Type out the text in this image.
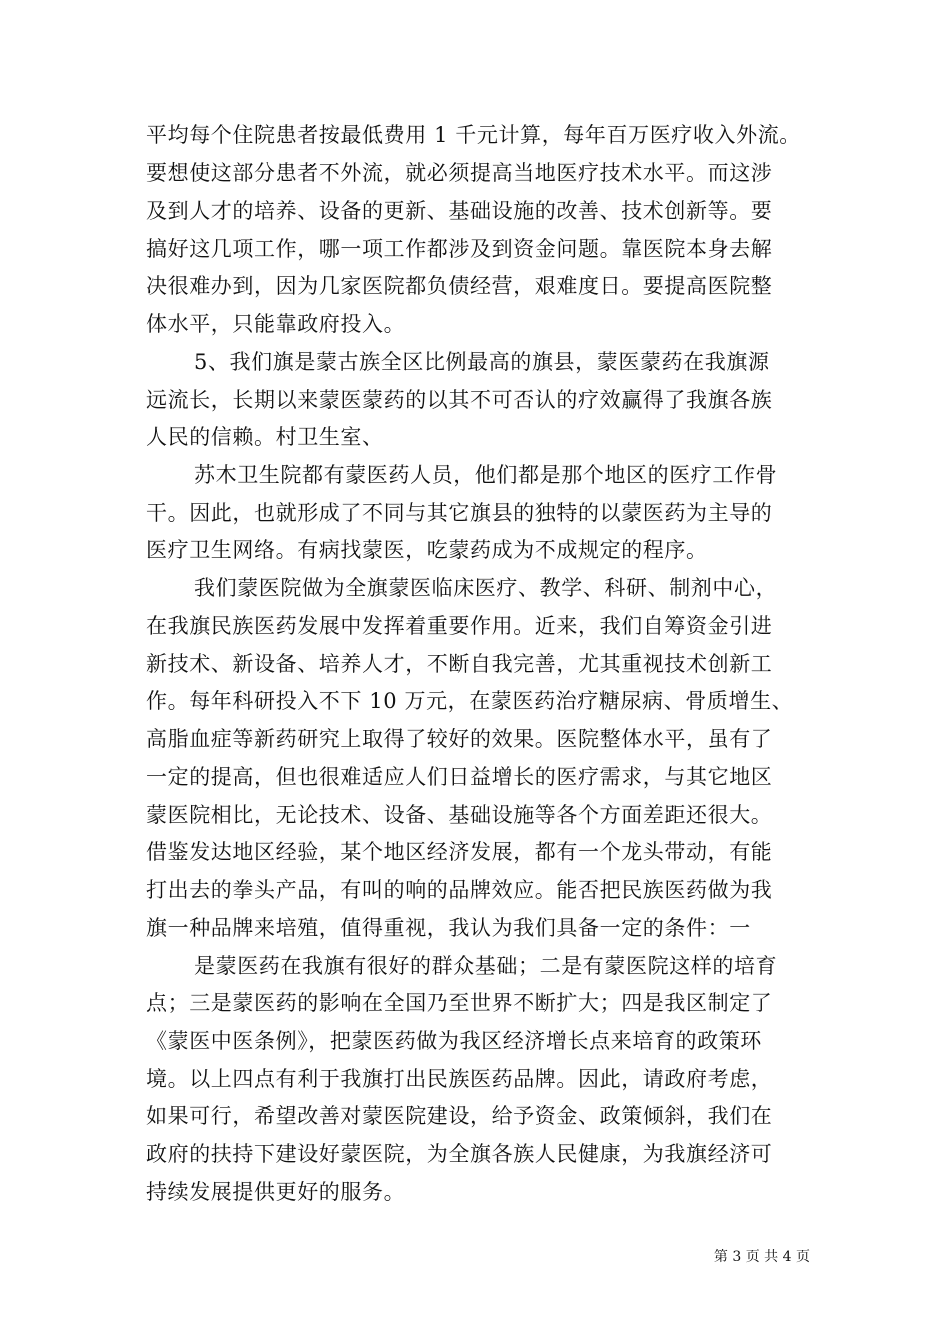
平均每个住院患者按最低费用 1 千元计算，每年百万医疗收入外流。
要想使这部分患者不外流，就必须提高当地医疗技术水平。而这涉
及到人才的培养、设备的更新、基础设施的改善、技术创新等。要
搞好这几项工作，哪一项工作都涉及到资金问题。靠医院本身去解
决很难办到，因为几家医院都负债经营，艰难度日。要提高医院整
体水平，只能靠政府投入。
5、我们旗是蒙古族全区比例最高的旗县，蒙医蒙药在我旗源
远流长，长期以来蒙医蒙药的以其不可否认的疗效赢得了我旗各族
人民的信赖。村卫生室、
苏木卫生院都有蒙医药人员，他们都是那个地区的医疗工作骨
干。因此，也就形成了不同与其它旗县的独特的以蒙医药为主导的
医疗卫生网络。有病找蒙医，吃蒙药成为不成规定的程序。
我们蒙医院做为全旗蒙医临床医疗、教学、科研、制剂中心，
在我旗民族医药发展中发挥着重要作用。近来，我们自筹资金引进
新技术、新设备、培养人才，不断自我完善，尤其重视技术创新工
作。每年科研投入不下 10 万元，在蒙医药治疗糖尿病、骨质增生、
高脂血症等新药研究上取得了较好的效果。医院整体水平，虽有了
一定的提高，但也很难适应人们日益增长的医疗需求，与其它地区
蒙医院相比，无论技术、设备、基础设施等各个方面差距还很大。
借鉴发达地区经验，某个地区经济发展，都有一个龙头带动，有能
打出去的拳头产品，有叫的响的品牌效应。能否把民族医药做为我
旗一种品牌来培殖，值得重视，我认为我们具备一定的条件：一
是蒙医药在我旗有很好的群众基础；二是有蒙医院这样的培育
点；三是蒙医药的影响在全国乃至世界不断扩大；四是我区制定了
《蒙医中医条例》，把蒙医药做为我区经济增长点来培育的政策环
境。以上四点有利于我旗打出民族医药品牌。因此，请政府考虑，
如果可行，希望改善对蒙医院建设，给予资金、政策倾斜，我们在
政府的扶持下建设好蒙医院，为全旗各族人民健康，为我旗经济可
持续发展提供更好的服务。
第 3 页 共 4 页
